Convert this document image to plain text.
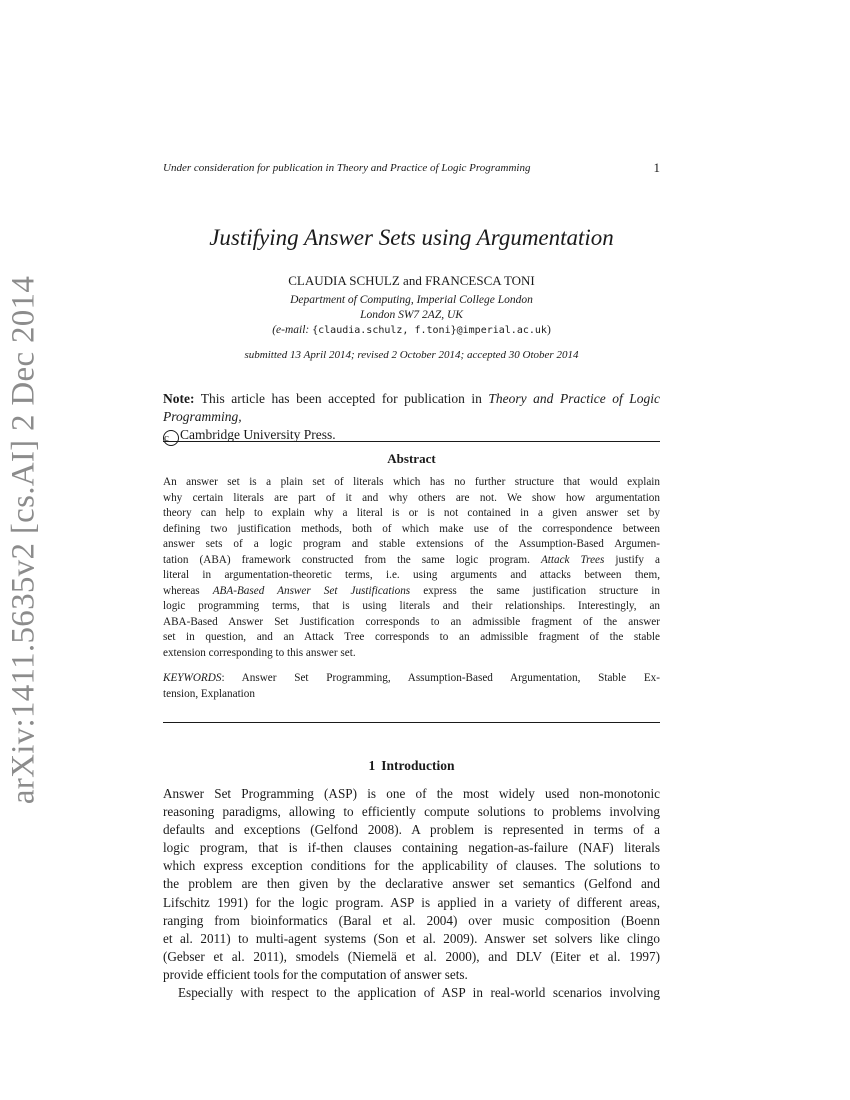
arXiv:1411.5635v2 [cs.AI] 2 Dec 2014
Under consideration for publication in Theory and Practice of Logic Programming	1
Justifying Answer Sets using Argumentation
CLAUDIA SCHULZ and FRANCESCA TONI
Department of Computing, Imperial College London
London SW7 2AZ, UK
(e-mail: {claudia.schulz, f.toni}@imperial.ac.uk)
submitted 13 April 2014; revised 2 October 2014; accepted 30 Otober 2014
Note: This article has been accepted for publication in Theory and Practice of Logic Programming,
c Cambridge University Press.
Abstract
An answer set is a plain set of literals which has no further structure that would explain
why certain literals are part of it and why others are not. We show how argumentation
theory can help to explain why a literal is or is not contained in a given answer set by
defining two justification methods, both of which make use of the correspondence between
answer sets of a logic program and stable extensions of the Assumption-Based Argumen-
tation (ABA) framework constructed from the same logic program. Attack Trees justify a
literal in argumentation-theoretic terms, i.e. using arguments and attacks between them,
whereas ABA-Based Answer Set Justifications express the same justification structure in
logic programming terms, that is using literals and their relationships. Interestingly, an
ABA-Based Answer Set Justification corresponds to an admissible fragment of the answer
set in question, and an Attack Tree corresponds to an admissible fragment of the stable
extension corresponding to this answer set.
KEYWORDS: Answer Set Programming, Assumption-Based Argumentation, Stable Ex-
tension, Explanation
1 Introduction

Answer Set Programming (ASP) is one of the most widely used non-monotonic
reasoning paradigms, allowing to efficiently compute solutions to problems involving
defaults and exceptions (Gelfond 2008). A problem is represented in terms of a
logic program, that is if-then clauses containing negation-as-failure (NAF) literals
which express exception conditions for the applicability of clauses. The solutions to
the problem are then given by the declarative answer set semantics (Gelfond and
Lifschitz 1991) for the logic program. ASP is applied in a variety of different areas,
ranging from bioinformatics (Baral et al. 2004) over music composition (Boenn
et al. 2011) to multi-agent systems (Son et al. 2009). Answer set solvers like clingo
(Gebser et al. 2011), smodels (Niemelä et al. 2000), and DLV (Eiter et al. 1997)
provide efficient tools for the computation of answer sets.

Especially with respect to the application of ASP in real-world scenarios involving
